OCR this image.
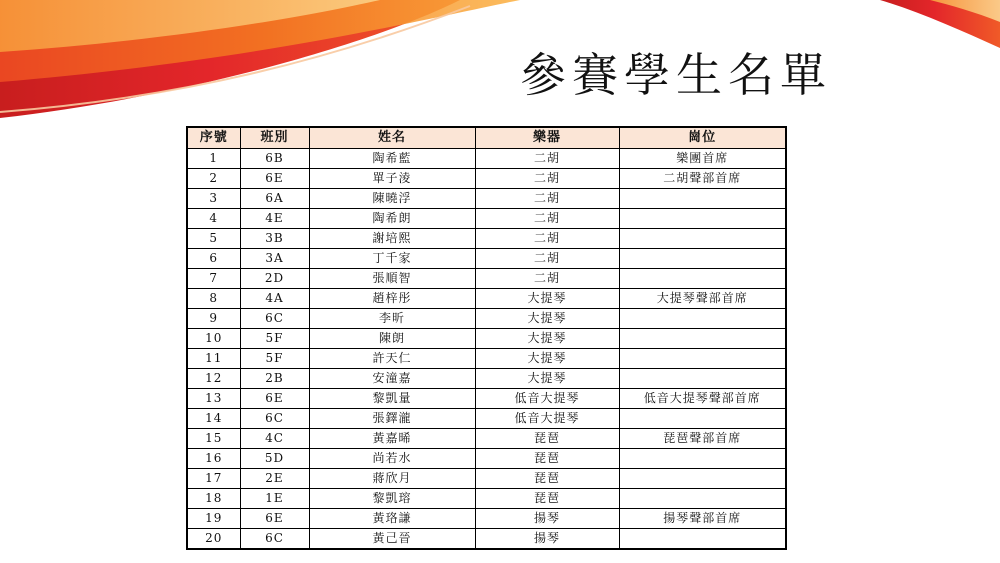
參賽學生名單
序號	班別	姓名	樂器	崗位
1	6B	陶希藍	二胡	樂團首席
2	6E	單子淩	二胡	二胡聲部首席
3	6A	陳曉浮	二胡	
4	4E	陶希朗	二胡	
5	3B	謝培熙	二胡	
6	3A	丁千家	二胡	
7	2D	張順智	二胡	
8	4A	趙梓彤	大提琴	大提琴聲部首席
9	6C	李昕	大提琴	
10	5F	陳朗	大提琴	
11	5F	許天仁	大提琴	
12	2B	安潼嘉	大提琴	
13	6E	黎凱量	低音大提琴	低音大提琴聲部首席
14	6C	張鐸瀧	低音大提琴	
15	4C	黃嘉晞	琵琶	琵琶聲部首席
16	5D	尚若水	琵琶	
17	2E	蔣欣月	琵琶	
18	1E	黎凱瑢	琵琶	
19	6E	黃珞謙	揚琴	揚琴聲部首席
20	6C	黃己晉	揚琴	
